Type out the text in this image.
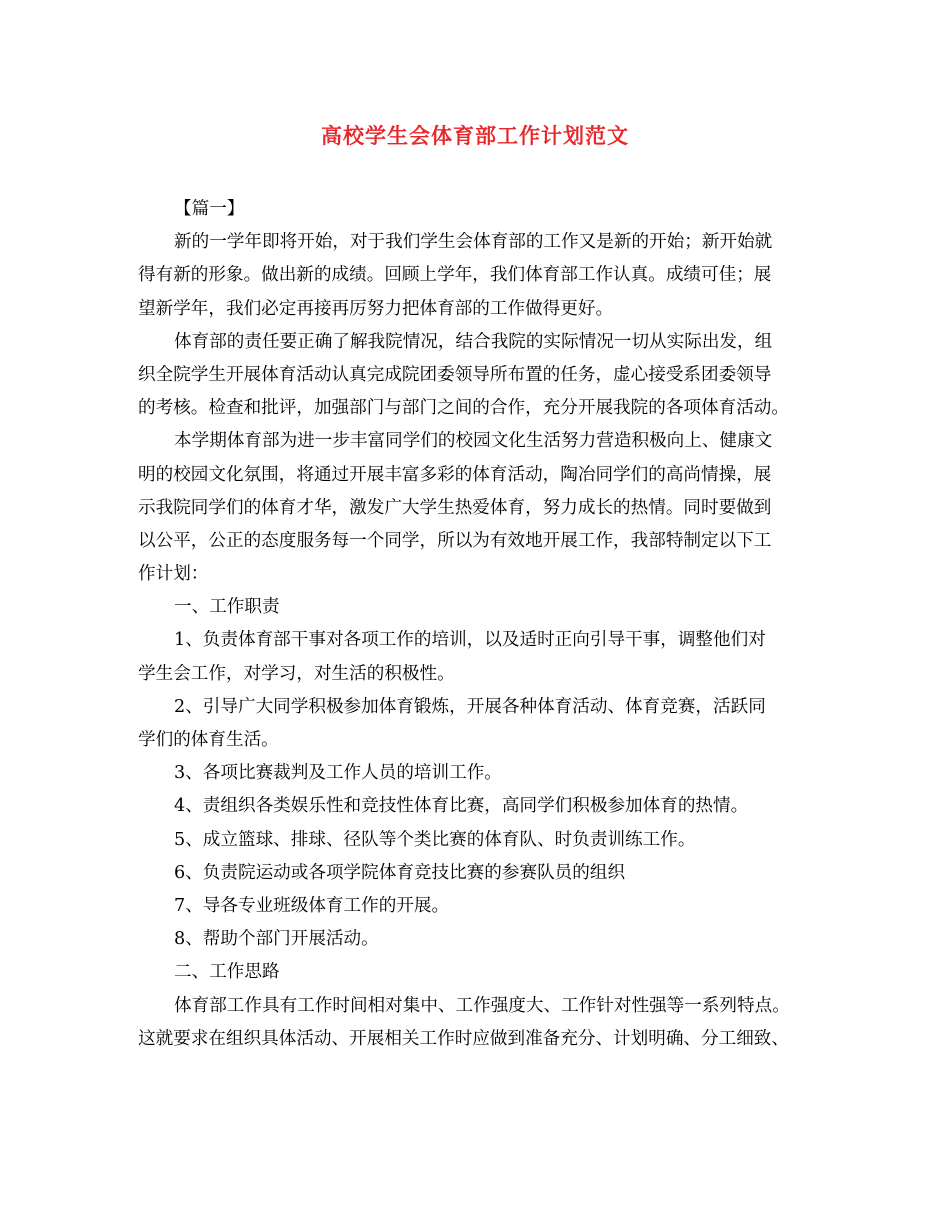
高校学生会体育部工作计划范文
【篇一】
新的一学年即将开始，对于我们学生会体育部的工作又是新的开始；新开始就
得有新的形象。做出新的成绩。回顾上学年，我们体育部工作认真。成绩可佳；展
望新学年，我们必定再接再厉努力把体育部的工作做得更好。
体育部的责任要正确了解我院情况，结合我院的实际情况一切从实际出发，组
织全院学生开展体育活动认真完成院团委领导所布置的任务，虚心接受系团委领导
的考核。检查和批评，加强部门与部门之间的合作，充分开展我院的各项体育活动。
本学期体育部为进一步丰富同学们的校园文化生活努力营造积极向上、健康文
明的校园文化氛围，将通过开展丰富多彩的体育活动，陶冶同学们的高尚情操，展
示我院同学们的体育才华，激发广大学生热爱体育，努力成长的热情。同时要做到
以公平，公正的态度服务每一个同学，所以为有效地开展工作，我部特制定以下工
作计划：
一、工作职责
1、负责体育部干事对各项工作的培训，以及适时正向引导干事，调整他们对
学生会工作，对学习，对生活的积极性。
2、引导广大同学积极参加体育锻炼，开展各种体育活动、体育竞赛，活跃同
学们的体育生活。
3、各项比赛裁判及工作人员的培训工作。
4、责组织各类娱乐性和竞技性体育比赛，高同学们积极参加体育的热情。
5、成立篮球、排球、径队等个类比赛的体育队、时负责训练工作。
6、负责院运动或各项学院体育竞技比赛的参赛队员的组织
7、导各专业班级体育工作的开展。
8、帮助个部门开展活动。
二、工作思路
体育部工作具有工作时间相对集中、工作强度大、工作针对性强等一系列特点。
这就要求在组织具体活动、开展相关工作时应做到准备充分、计划明确、分工细致、
